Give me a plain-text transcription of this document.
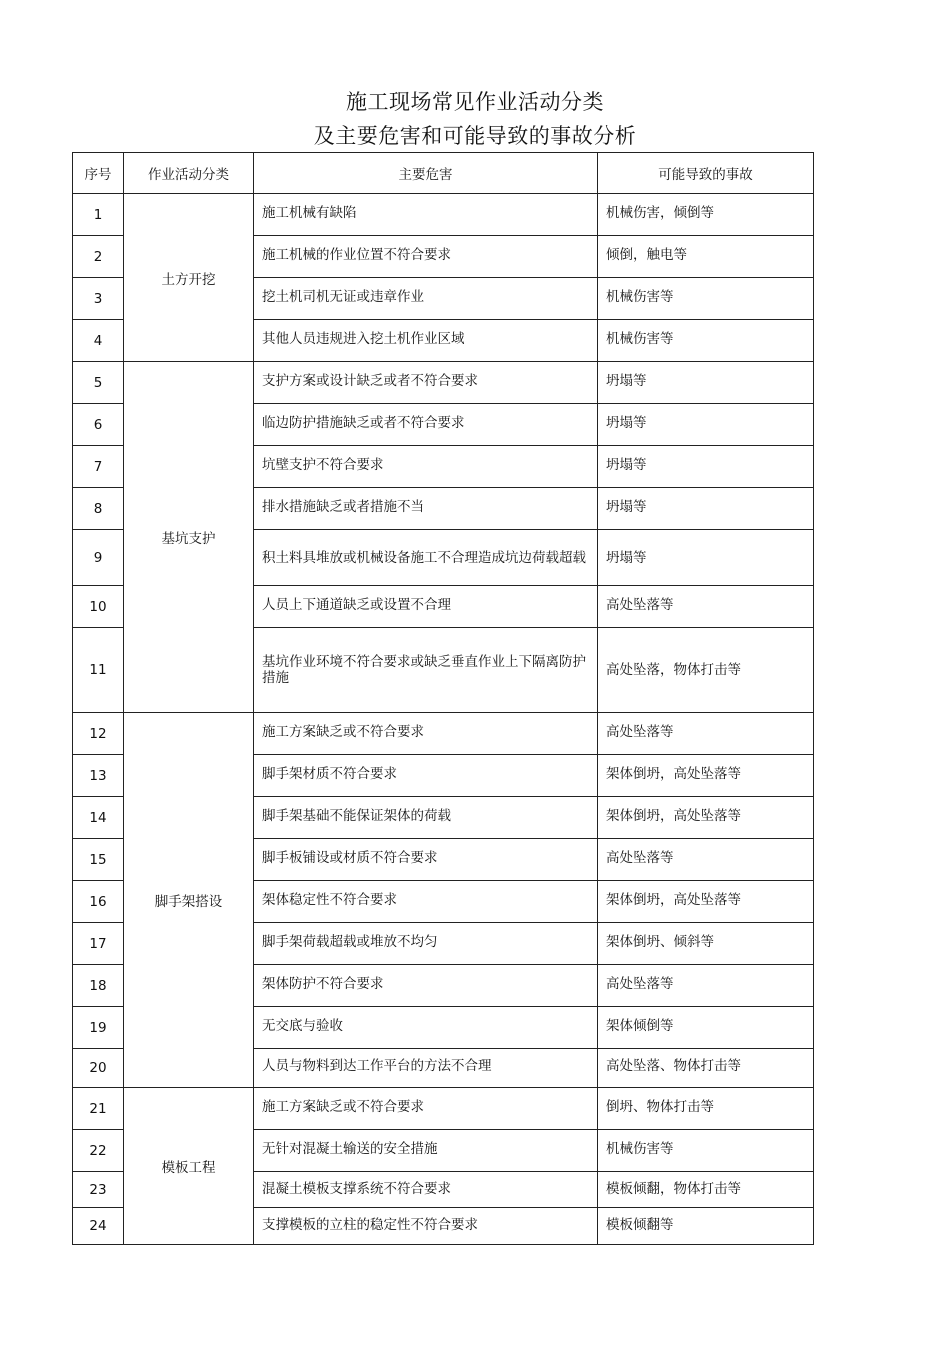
施工现场常见作业活动分类
及主要危害和可能导致的事故分析
序号	作业活动分类	主要危害	可能导致的事故
1	土方开挖	施工机械有缺陷	机械伤害，倾倒等
2		施工机械的作业位置不符合要求	倾倒，触电等
3		挖土机司机无证或违章作业	机械伤害等
4		其他人员违规进入挖土机作业区域	机械伤害等
5	基坑支护	支护方案或设计缺乏或者不符合要求	坍塌等
6		临边防护措施缺乏或者不符合要求	坍塌等
7		坑壁支护不符合要求	坍塌等
8		排水措施缺乏或者措施不当	坍塌等
9		积土料具堆放或机械设备施工不合理造成坑边荷载超载	坍塌等
10		人员上下通道缺乏或设置不合理	高处坠落等
11		基坑作业环境不符合要求或缺乏垂直作业上下隔离防护措施	高处坠落，物体打击等
12	脚手架搭设	施工方案缺乏或不符合要求	高处坠落等
13		脚手架材质不符合要求	架体倒坍，高处坠落等
14		脚手架基础不能保证架体的荷载	架体倒坍，高处坠落等
15		脚手板铺设或材质不符合要求	高处坠落等
16		架体稳定性不符合要求	架体倒坍，高处坠落等
17		脚手架荷载超载或堆放不均匀	架体倒坍、倾斜等
18		架体防护不符合要求	高处坠落等
19		无交底与验收	架体倾倒等
20		人员与物料到达工作平台的方法不合理	高处坠落、物体打击等
21	模板工程	施工方案缺乏或不符合要求	倒坍、物体打击等
22		无针对混凝土输送的安全措施	机械伤害等
23		混凝土模板支撑系统不符合要求	模板倾翻，物体打击等
24		支撑模板的立柱的稳定性不符合要求	模板倾翻等
